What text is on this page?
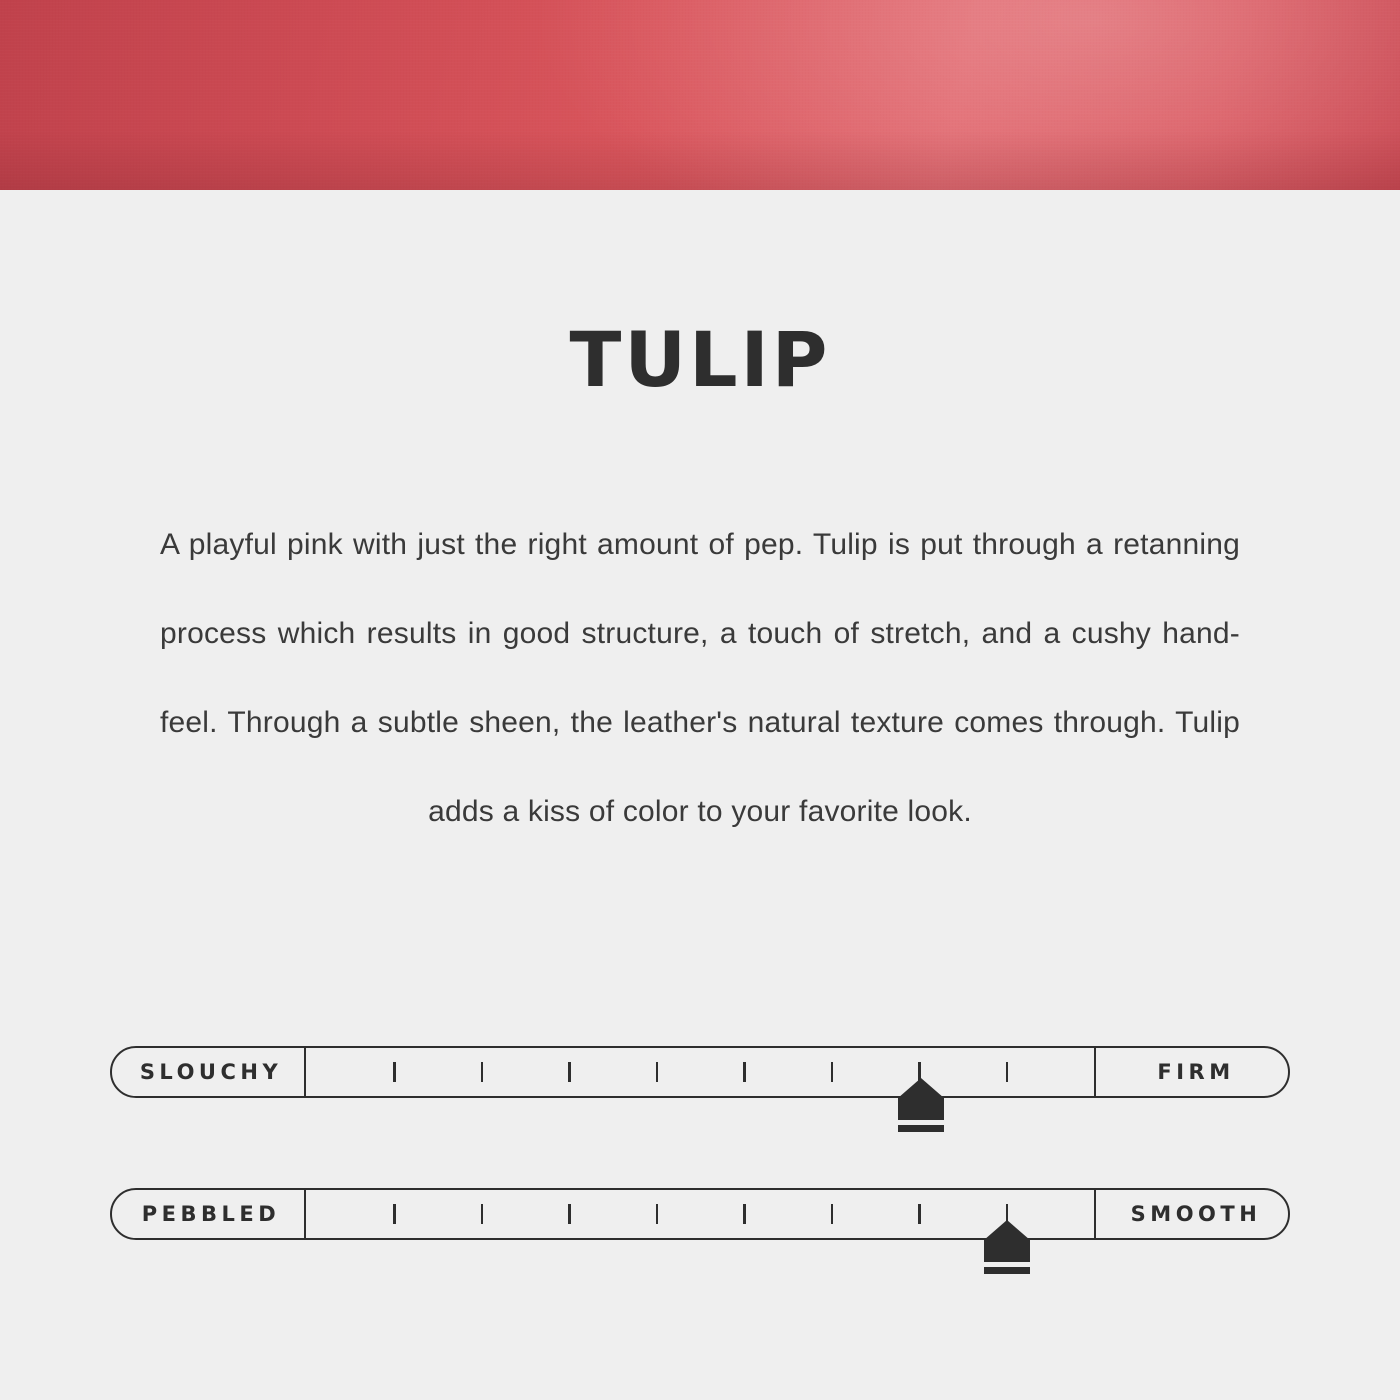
TULIP
A playful pink with just the right amount of pep. Tulip is put through a retanning process which results in good structure, a touch of stretch, and a cushy hand-feel. Through a subtle sheen, the leather's natural texture comes through. Tulip adds a kiss of color to your favorite look.
SLOUCHY	FIRM
PEBBLED	SMOOTH
